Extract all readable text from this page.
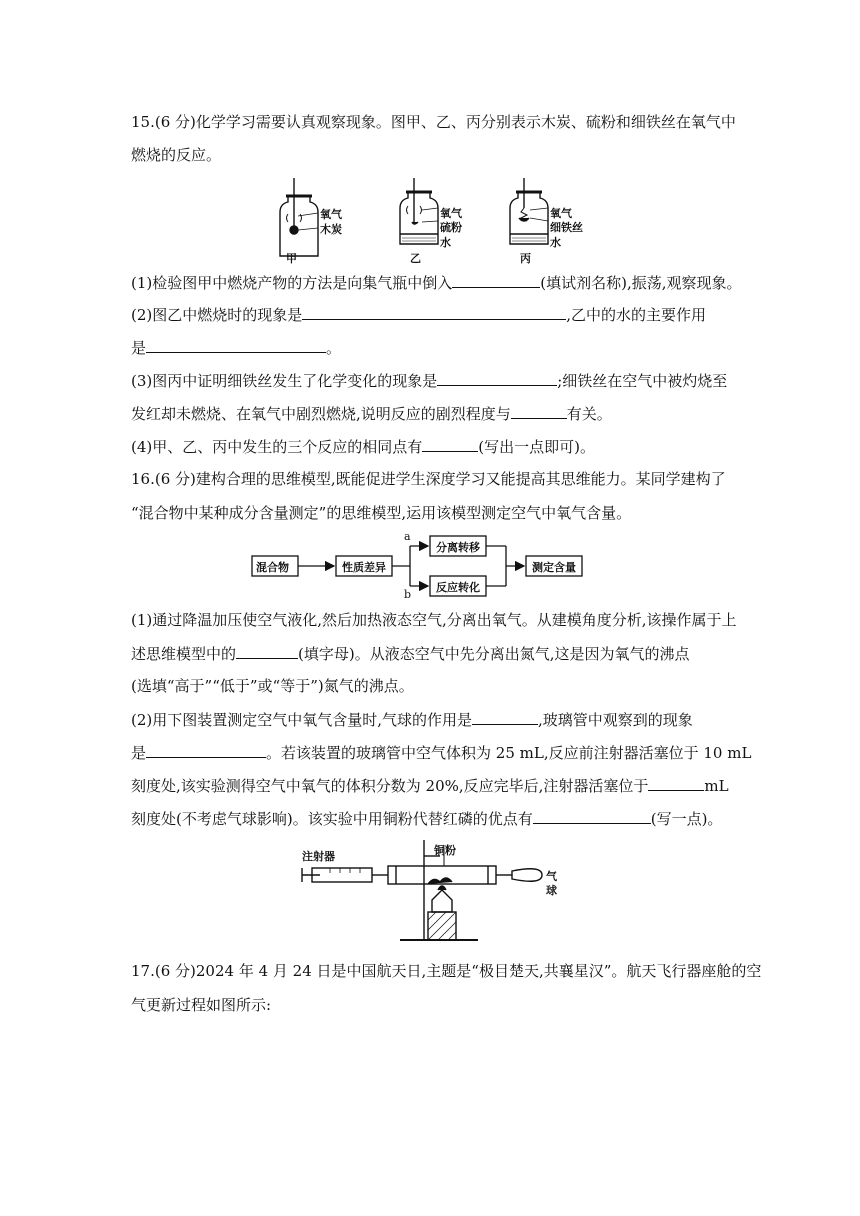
15.(6 分)化学学习需要认真观察现象。图甲、乙、丙分别表示木炭、硫粉和细铁丝在氧气中
燃烧的反应。
氧气
木炭
甲
氧气
硫粉
水
乙
氧气
细铁丝
水
丙
(1)检验图甲中燃烧产物的方法是向集气瓶中倒入	(填试剂名称),振荡,观察现象。
(2)图乙中燃烧时的现象是	,乙中的水的主要作用
是	。
(3)图丙中证明细铁丝发生了化学变化的现象是	;细铁丝在空气中被灼烧至
发红却未燃烧、在氧气中剧烈燃烧,说明反应的剧烈程度与	有关。
(4)甲、乙、丙中发生的三个反应的相同点有	(写出一点即可)。
16.(6 分)建构合理的思维模型,既能促进学生深度学习又能提高其思维能力。某同学建构了
“混合物中某种成分含量测定”的思维模型,运用该模型测定空气中氧气含量。
混合物	性质差异
分离转移
反应转化
测定含量
a
b
(1)通过降温加压使空气液化,然后加热液态空气,分离出氧气。从建模角度分析,该操作属于上
述思维模型中的	(填字母)。从液态空气中先分离出氮气,这是因为氧气的沸点
(选填“高于”“低于”或“等于”)氮气的沸点。
(2)用下图装置测定空气中氧气含量时,气球的作用是	,玻璃管中观察到的现象
是	。若该装置的玻璃管中空气体积为 25 mL,反应前注射器活塞位于 10 mL
刻度处,该实验测得空气中氧气的体积分数为 20%,反应完毕后,注射器活塞位于	mL
刻度处(不考虑气球影响)。该实验中用铜粉代替红磷的优点有	(写一点)。
注射器	铜粉
气
球
17.(6 分)2024 年 4 月 24 日是中国航天日,主题是“极目楚天,共襄星汉”。航天飞行器座舱的空
气更新过程如图所示:
